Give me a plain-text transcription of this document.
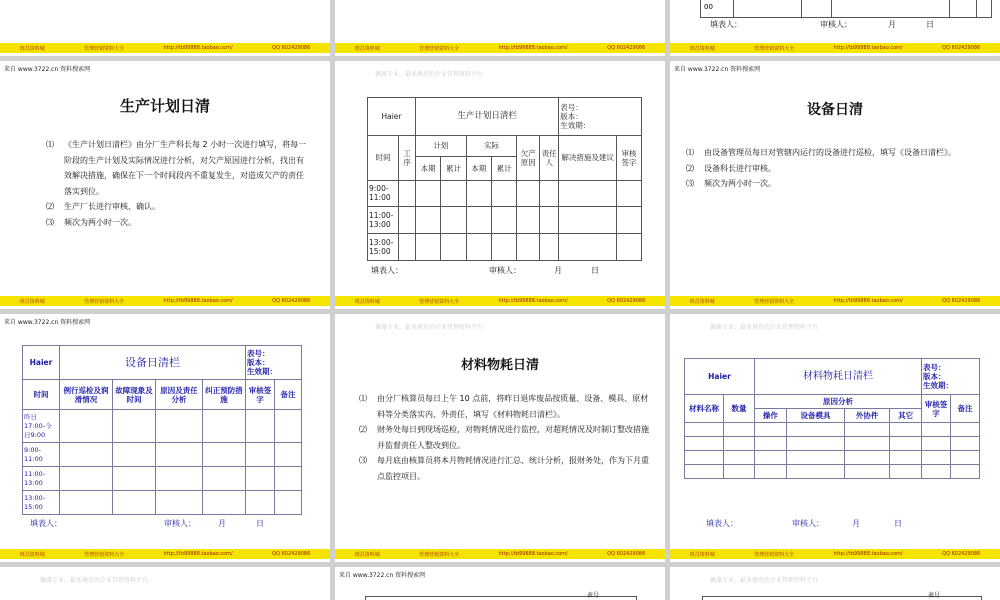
班昌资料城	管理营销资料大全	http://tb99888.taobao.com/	QQ 602429086	班昌资料城	管理营销资料大全	http://tb99888.taobao.com/	QQ 602429086
00
填表人：	审核人：	月	日
班昌资料城	管理营销资料大全	http://tb99888.taobao.com/	QQ 602429086
来自 www.3722.cn 资料搜索网
生产计划日清
⑴	《生产计划日清栏》由分厂生产科长每 2 小时一次进行填写，将每一阶段的生产计划及实际情况进行分析，对欠产原因进行分析，找出有效解决措施，确保在下一个时间段内不重复发生，对造成欠产的责任落实到位。
⑵	生产厂长进行审核、确认。
⑶	频次为两小时一次。
班昌资料城	管理营销资料大全	http://tb99888.taobao.com/	QQ 602429086
佩藻专业，最多规范的企业管理资料平台
Haier		生产计划日清栏						表号：
版本：
生效期：	

时间	工序	计划		实际		欠产原因	责任人	解决措施及建议	审核签字
		本期	累计	本期	累计				
9:00-11:00									
11:00-13:00									
13:00-15:00									
填表人：	审核人：	月	日
班昌资料城	管理营销资料大全	http://tb99888.taobao.com/	QQ 602429086
来自 www.3722.cn 资料搜索网
设备日清
⑴	由设备管理员每日对管辖内运行的设备进行巡检，填写《设备日清栏》。
⑵	设备科长进行审核。
⑶	频次为两小时一次。
班昌资料城	管理营销资料大全	http://tb99888.taobao.com/	QQ 602429086
来自 www.3722.cn 资料搜索网
Haier	设备日清栏				表号：
版本：
生效期：	

时间	例行巡检及润滑情况	故障现象及时间	原因及责任分析	纠正预防措施	审核签字	备注
昨日17:00-今日9:00						
9:00-11:00						
11:00-13:00						
13:00-15:00						
填表人：	审核人：	月	日
班昌资料城	管理营销资料大全	http://tb99888.taobao.com/	QQ 602429086
佩藻专业，最多规范的企业管理资料平台
材料物耗日清
⑴	由分厂核算员每日上午 10 点前，将昨日退库废品按质量、设备、模具、原材料等分类落实内、外责任，填写《材料物耗日清栏》。
⑵	财务处每日到现场巡检，对物耗情况进行监控，对超耗情况及时制订整改措施并监督责任人整改到位。
⑶	每月底由核算员将本月物耗情况进行汇总、统计分析，报财务处，作为下月重点监控项目。
班昌资料城	管理营销资料大全	http://tb99888.taobao.com/	QQ 602429086
佩藻专业，最多规范的企业管理资料平台
Haier		材料物耗日清栏				表号：
版本：
生效期：	

材料名称	数量	原因分析				审核签字	备注
		操作	设备模具	外协件	其它		

填表人：	审核人：	月	日
班昌资料城	管理营销资料大全	http://tb99888.taobao.com/	QQ 602429086
佩藻专业，最多规范的企业管理资料平台
来自 www.3722.cn 资料搜索网
表号
佩藻专业，最多规范的企业管理资料平台
表号
